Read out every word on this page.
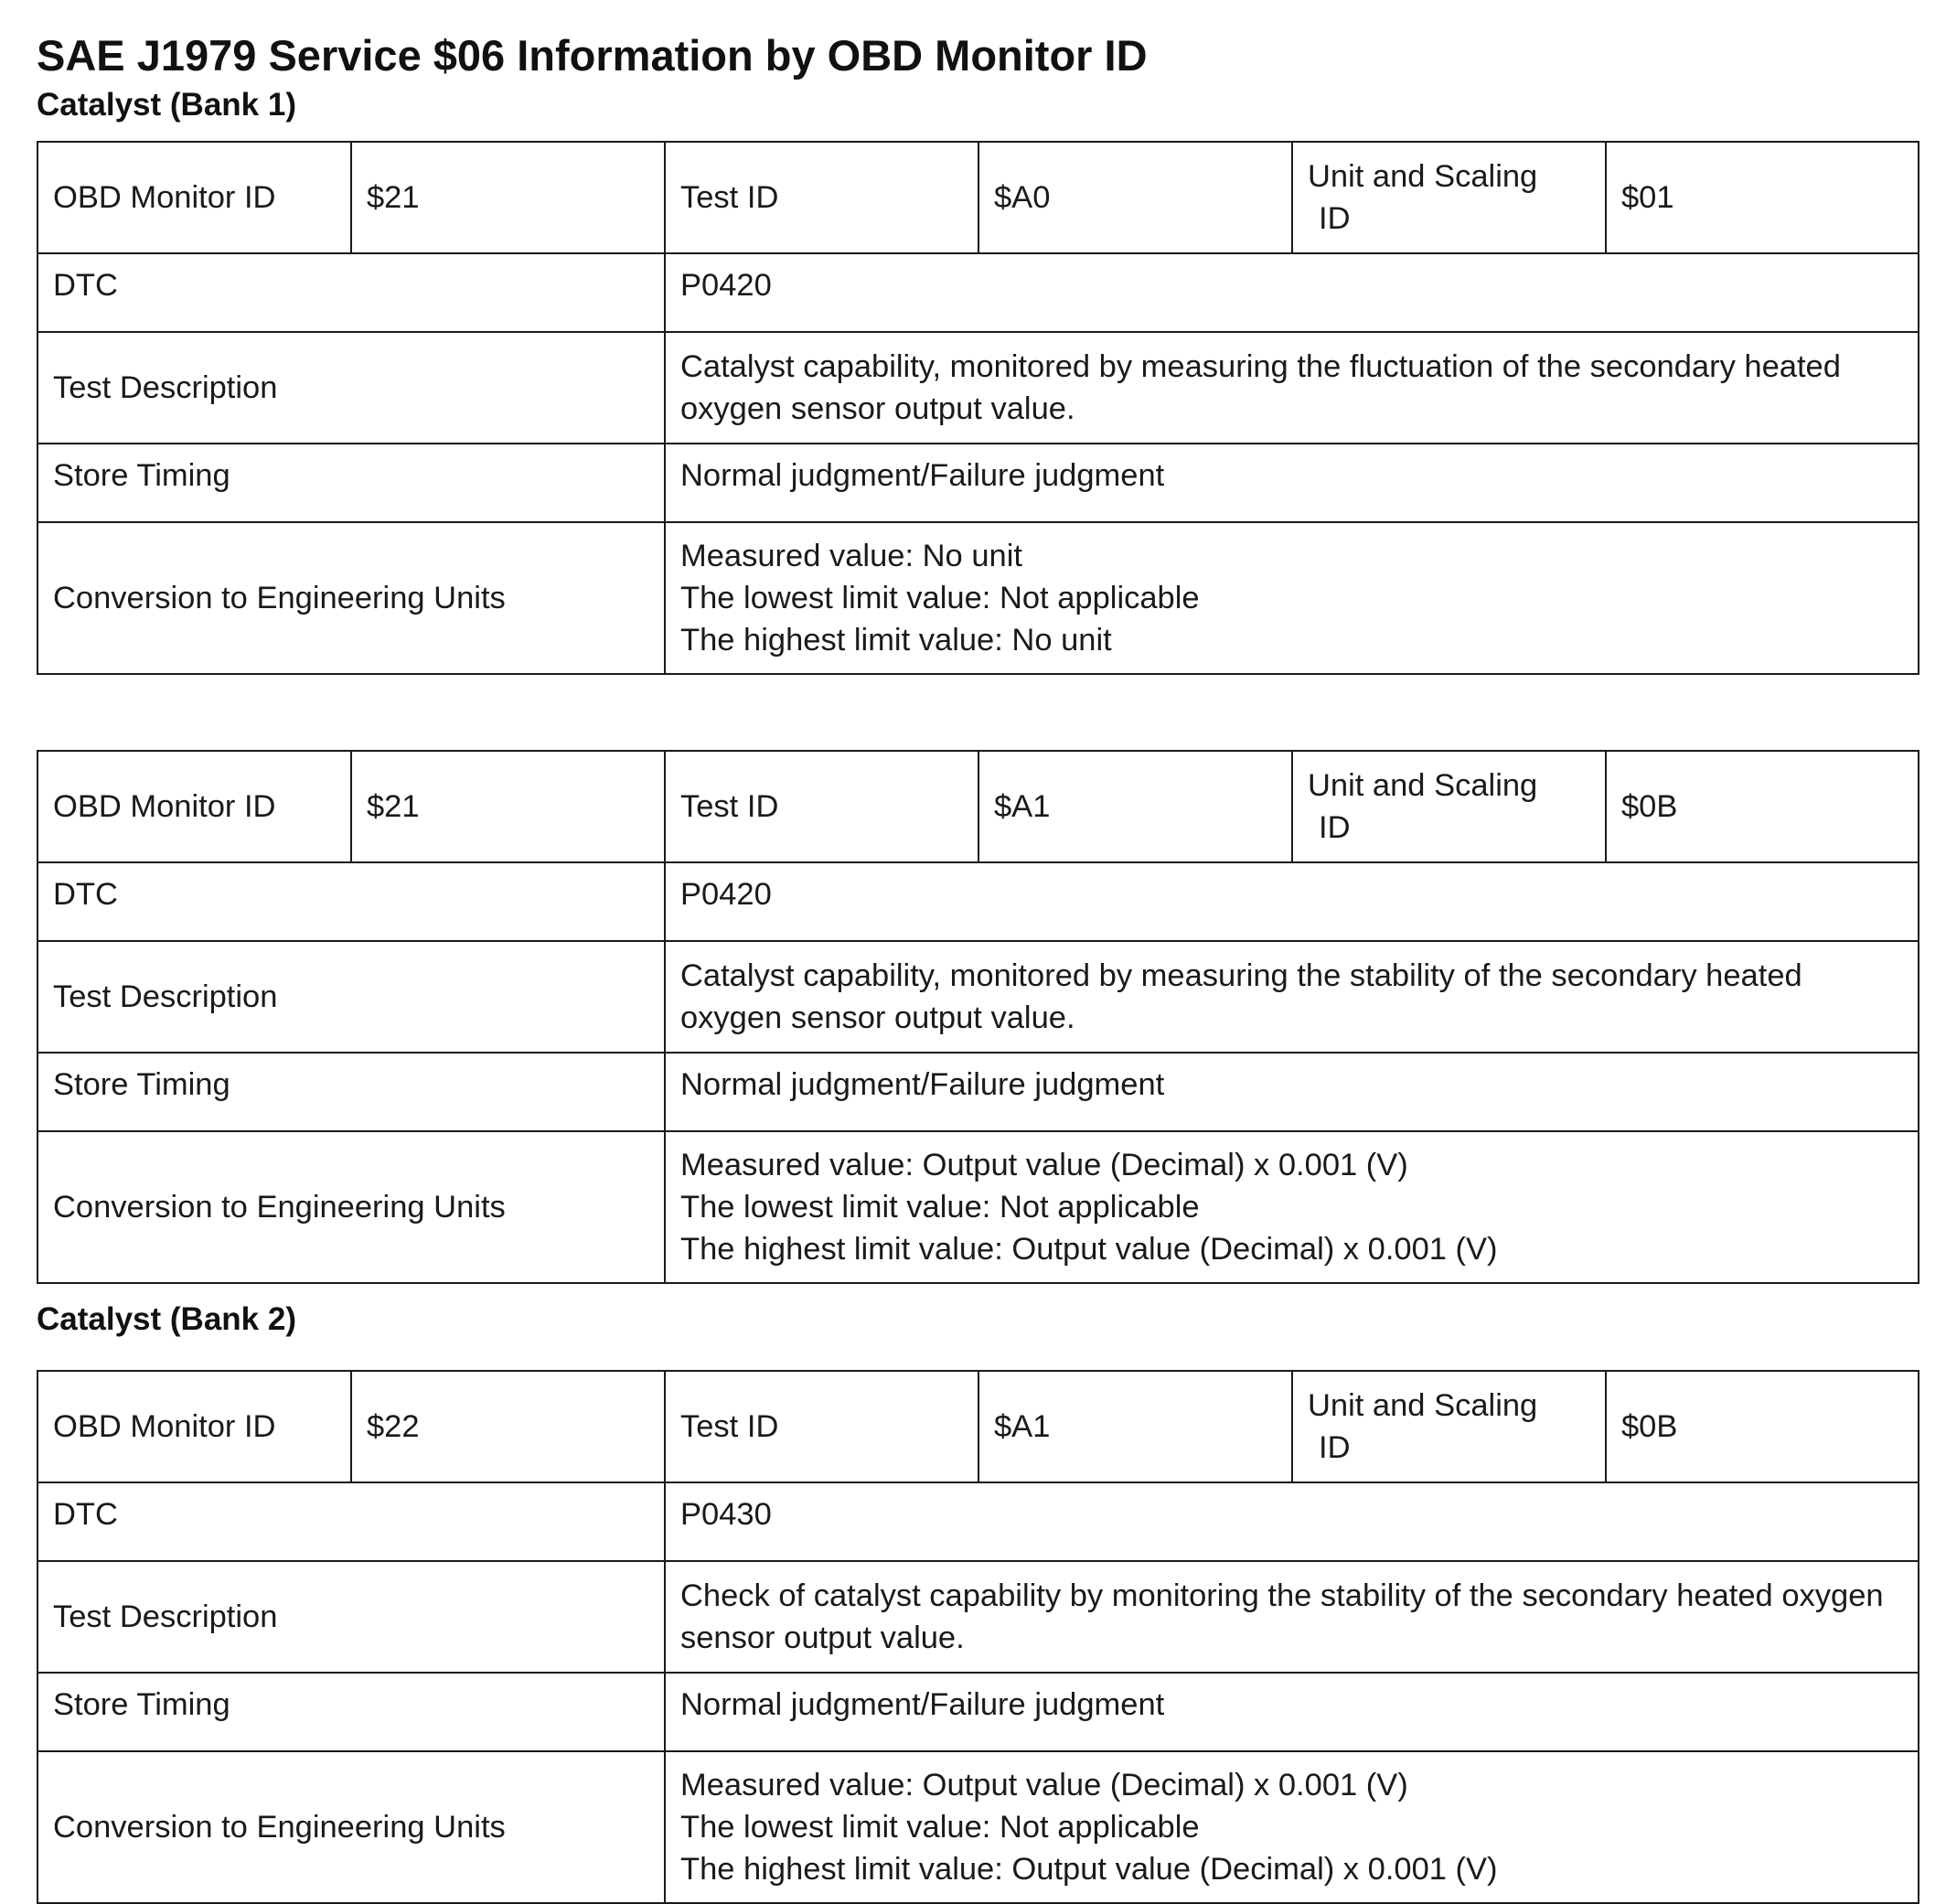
SAE J1979 Service $06 Information by OBD Monitor ID
Catalyst (Bank 1)
OBD Monitor ID	$21	Test ID	$A0	Unit and Scaling
ID	$01
DTC		P0420			
Test Description		Catalyst capability, monitored by measuring the fluctuation of the secondary heated oxygen sensor output value.			
Store Timing		Normal judgment/Failure judgment			
Conversion to Engineering Units		Measured value: No unit
The lowest limit value: Not applicable
The highest limit value: No unit			
OBD Monitor ID	$21	Test ID	$A1	Unit and Scaling
ID	$0B
DTC		P0420			
Test Description		Catalyst capability, monitored by measuring the stability of the secondary heated oxygen sensor output value.			
Store Timing		Normal judgment/Failure judgment			
Conversion to Engineering Units		Measured value: Output value (Decimal) x 0.001 (V)
The lowest limit value: Not applicable
The highest limit value: Output value (Decimal) x 0.001 (V)			
Catalyst (Bank 2)
OBD Monitor ID	$22	Test ID	$A1	Unit and Scaling
ID	$0B
DTC		P0430			
Test Description		Check of catalyst capability by monitoring the stability of the secondary heated oxygen sensor output value.			
Store Timing		Normal judgment/Failure judgment			
Conversion to Engineering Units		Measured value: Output value (Decimal) x 0.001 (V)
The lowest limit value: Not applicable
The highest limit value: Output value (Decimal) x 0.001 (V)			
